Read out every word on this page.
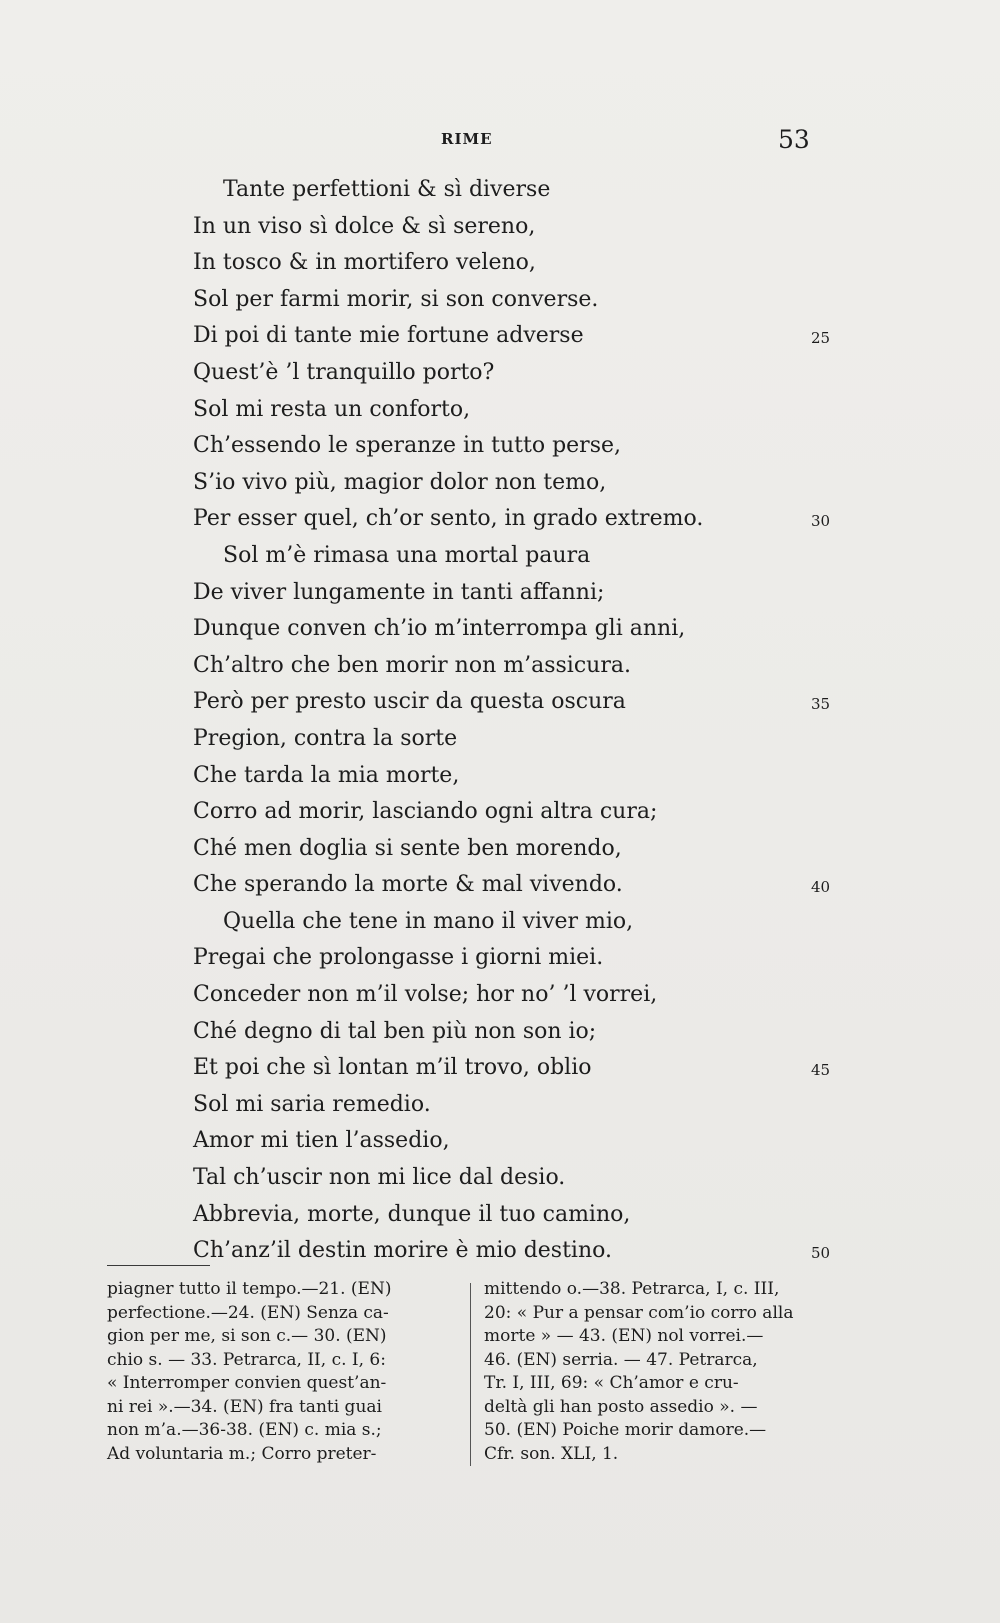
RIME	53
Tante perfettioni & sì diverse
In un viso sì dolce & sì sereno,
In tosco & in mortifero veleno,
Sol per farmi morir, si son converse.
Di poi di tante mie fortune adverse	25
Quest’è ’l tranquillo porto?
Sol mi resta un conforto,
Ch’essendo le speranze in tutto perse,
S’io vivo più, magior dolor non temo,
Per esser quel, ch’or sento, in grado extremo.	30
Sol m’è rimasa una mortal paura
De viver lungamente in tanti affanni;
Dunque conven ch’io m’interrompa gli anni,
Ch’altro che ben morir non m’assicura.
Però per presto uscir da questa oscura	35
Pregion, contra la sorte
Che tarda la mia morte,
Corro ad morir, lasciando ogni altra cura;
Ché men doglia si sente ben morendo,
Che sperando la morte & mal vivendo.	40
Quella che tene in mano il viver mio,
Pregai che prolongasse i giorni miei.
Conceder non m’il volse; hor no’ ’l vorrei,
Ché degno di tal ben più non son io;
Et poi che sì lontan m’il trovo, oblio	45
Sol mi saria remedio.
Amor mi tien l’assedio,
Tal ch’uscir non mi lice dal desio.
Abbrevia, morte, dunque il tuo camino,
Ch’anz’il destin morire è mio destino.	50
piagner tutto il tempo.—21. (EN)
perfectione.—24. (EN) Senza ca-
gion per me, si son c.— 30. (EN)
chio s. — 33. Petrarca, II, c. I, 6:
« Interromper convien quest’an-
ni rei ».—34. (EN) fra tanti guai
non m’a.—36-38. (EN) c. mia s.;
Ad voluntaria m.; Corro preter-
mittendo o.—38. Petrarca, I, c. III,
20: « Pur a pensar com’io corro alla
morte » — 43. (EN) nol vorrei.—
46. (EN) serria. — 47. Petrarca,
Tr. I, III, 69: « Ch’amor e cru-
deltà gli han posto assedio ». —
50. (EN) Poiche morir damore.—
Cfr. son. XLI, 1.
